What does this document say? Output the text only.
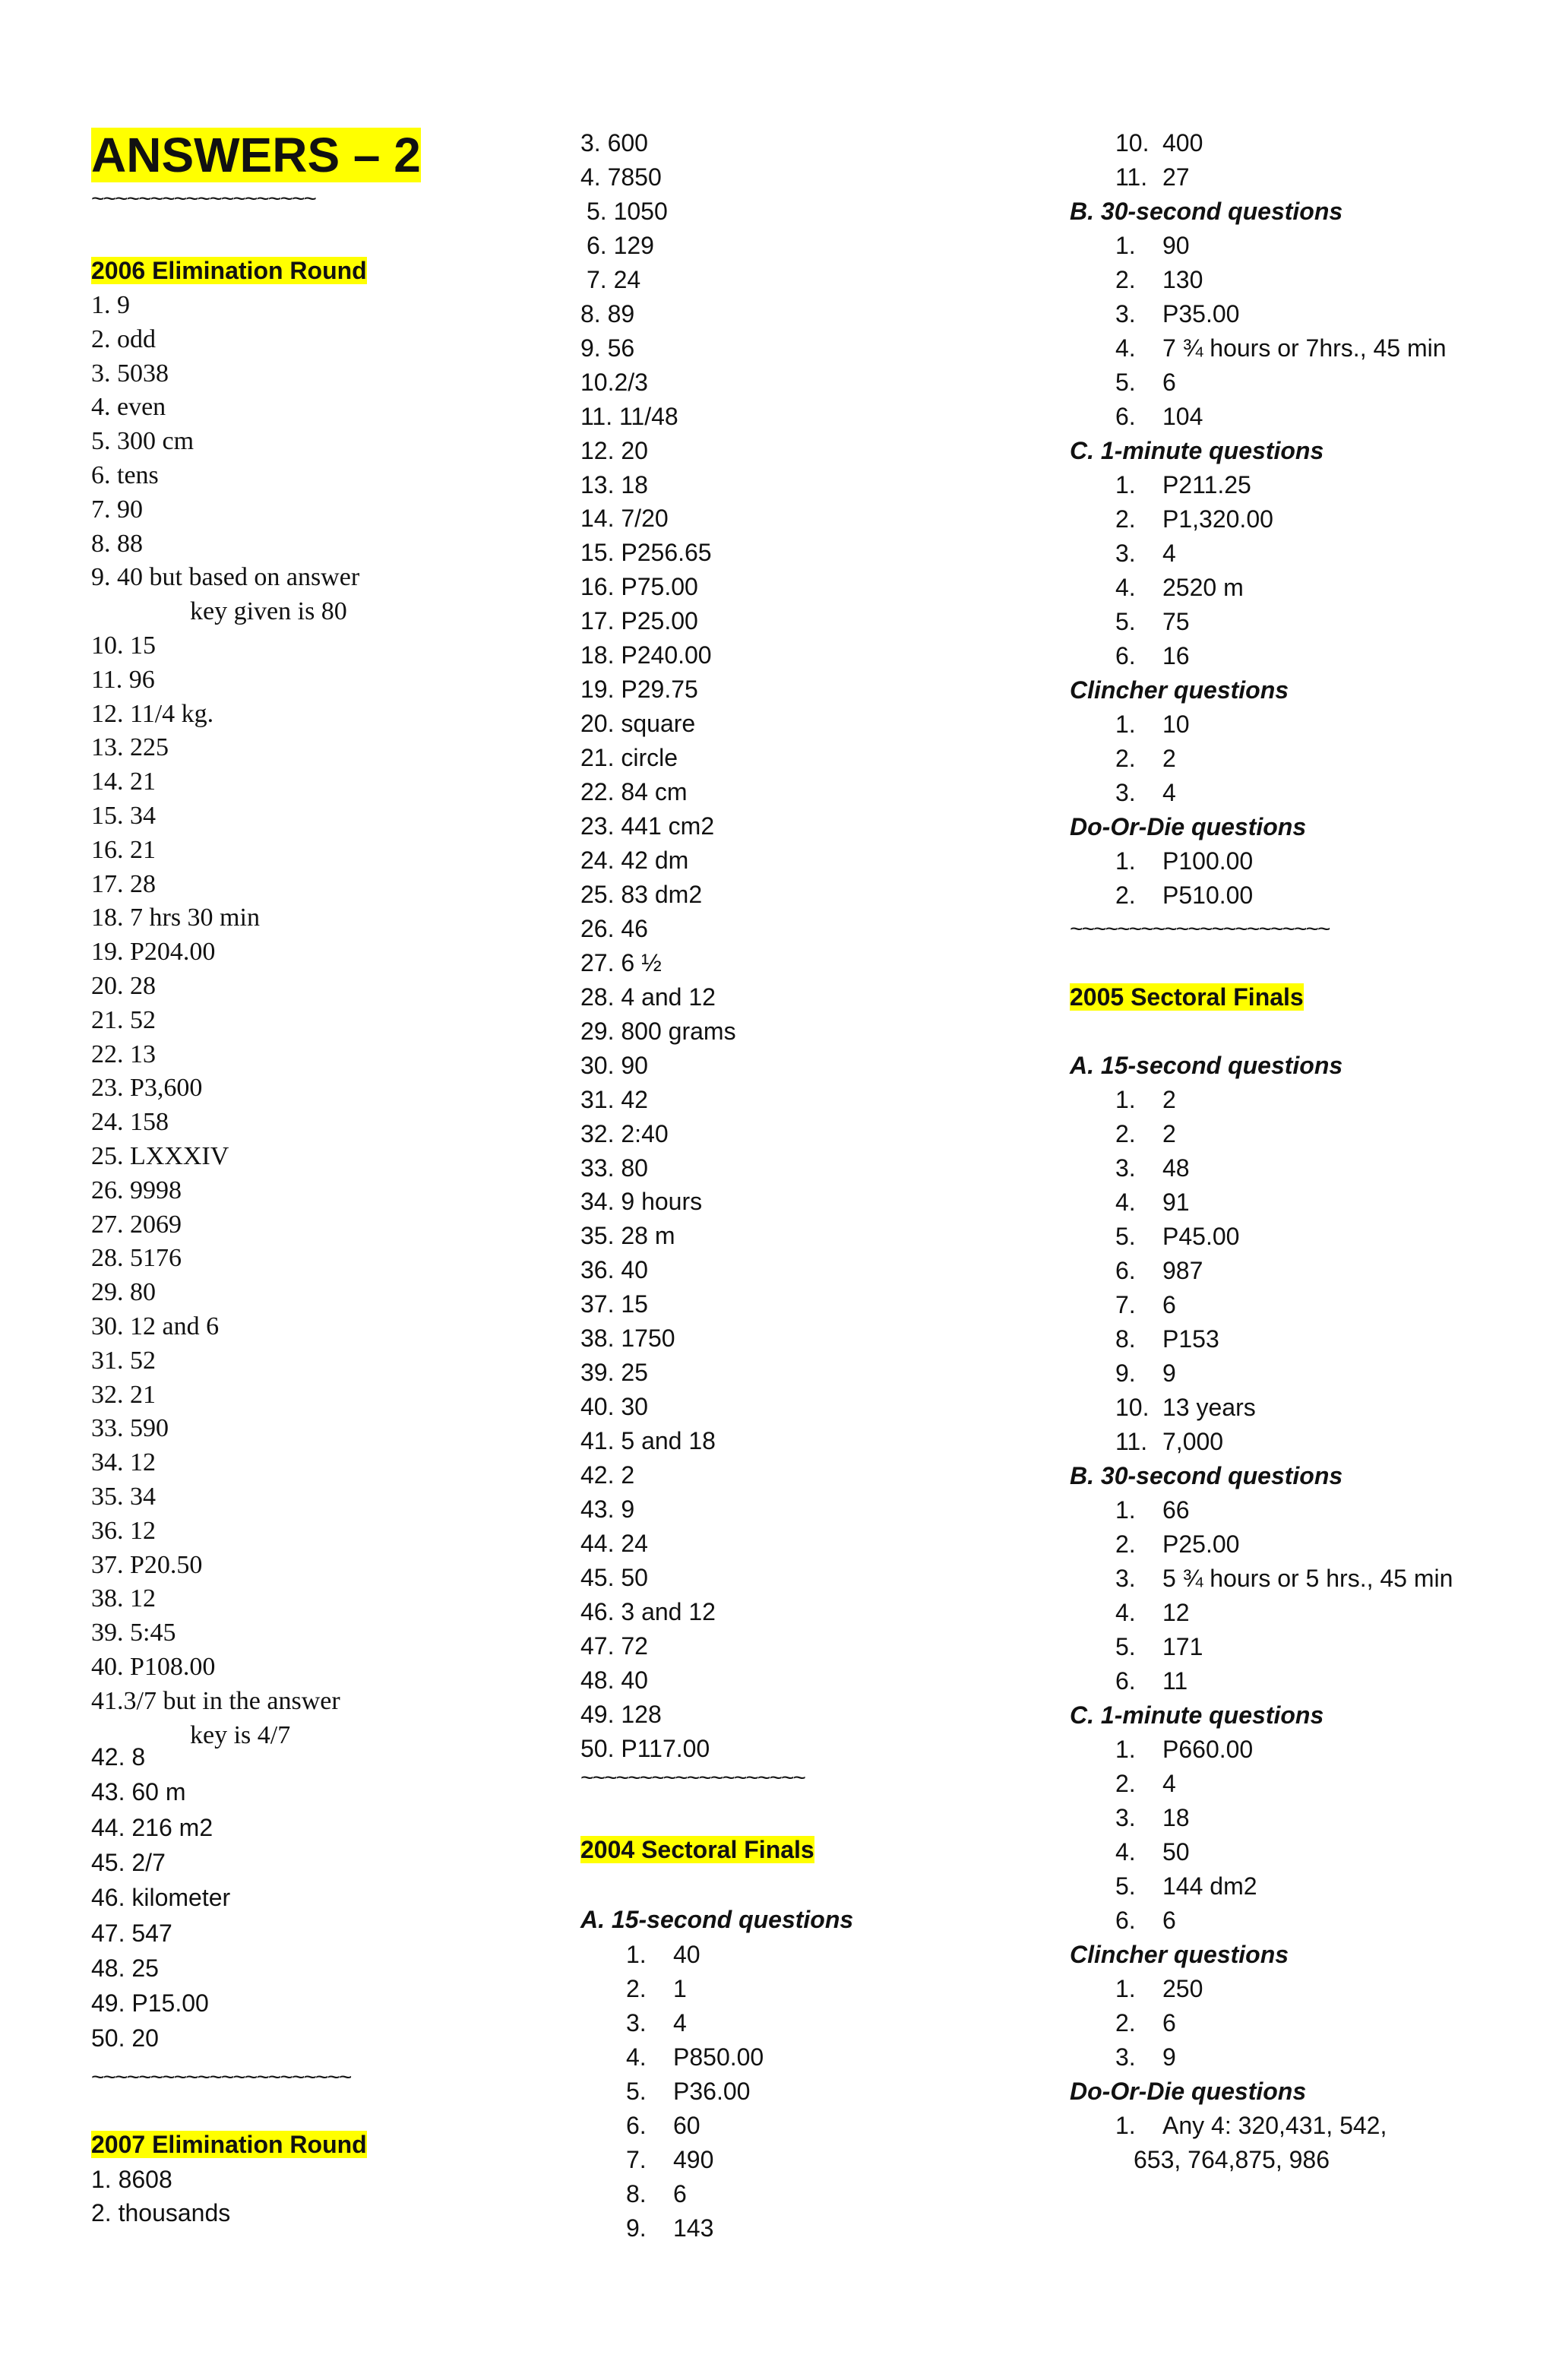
ANSWERS – 2
~~~~~~~~~~~~~~~~~~~
2006 Elimination Round
1. 9
2. odd
3. 5038
4. even
5. 300 cm
6. tens
7. 90
8. 88
9. 40 but based on answer
key given is 80
10. 15
11. 96
12. 11/4 kg.
13. 225
14. 21
15. 34
16. 21
17. 28
18. 7 hrs 30 min
19. P204.00
20. 28
21. 52
22. 13
23. P3,600
24. 158
25. LXXXIV
26. 9998
27. 2069
28. 5176
29. 80
30. 12 and 6
31. 52
32. 21
33. 590
34. 12
35. 34
36. 12
37. P20.50
38. 12
39. 5:45
40. P108.00
41.3/7 but in the answer
key is 4/7
42. 8
43. 60 m
44. 216 m2
45. 2/7
46. kilometer
47. 547
48. 25
49. P15.00
50. 20
~~~~~~~~~~~~~~~~~~~~~~
2007 Elimination Round
1. 8608
2. thousands
3. 600
4. 7850
5. 1050
6. 129
7. 24
8. 89
9. 56
10.2/3
11. 11/48
12. 20
13. 18
14. 7/20
15. P256.65
16. P75.00
17. P25.00
18. P240.00
19. P29.75
20. square
21. circle
22. 84 cm
23. 441 cm2
24. 42 dm
25. 83 dm2
26. 46
27. 6 ½
28. 4 and 12
29. 800 grams
30. 90
31. 42
32. 2:40
33. 80
34. 9 hours
35. 28 m
36. 40
37. 15
38. 1750
39. 25
40. 30
41. 5 and 18
42. 2
43. 9
44. 24
45. 50
46. 3 and 12
47. 72
48. 40
49. 128
50. P117.00
~~~~~~~~~~~~~~~~~~~
2004 Sectoral Finals
A. 15-second questions
1. 40
2. 1
3. 4
4. P850.00
5. P36.00
6. 60
7. 490
8. 6
9. 143
10. 400
11. 27
B. 30-second questions
1. 90
2. 130
3. P35.00
4. 7 ¾ hours or 7hrs., 45 min
5. 6
6. 104
C. 1-minute questions
1. P211.25
2. P1,320.00
3. 4
4. 2520 m
5. 75
6. 16
Clincher questions
1. 10
2. 2
3. 4
Do-Or-Die questions
1. P100.00
2. P510.00
~~~~~~~~~~~~~~~~~~~~~~
2005 Sectoral Finals
A. 15-second questions
1. 2
2. 2
3. 48
4. 91
5. P45.00
6. 987
7. 6
8. P153
9. 9
10. 13 years
11. 7,000
B. 30-second questions
1. 66
2. P25.00
3. 5 ¾ hours or 5 hrs., 45 min
4. 12
5. 171
6. 11
C. 1-minute questions
1. P660.00
2. 4
3. 18
4. 50
5. 144 dm2
6. 6
Clincher questions
1. 250
2. 6
3. 9
Do-Or-Die questions
1. Any 4: 320,431, 542,
653, 764,875, 986
